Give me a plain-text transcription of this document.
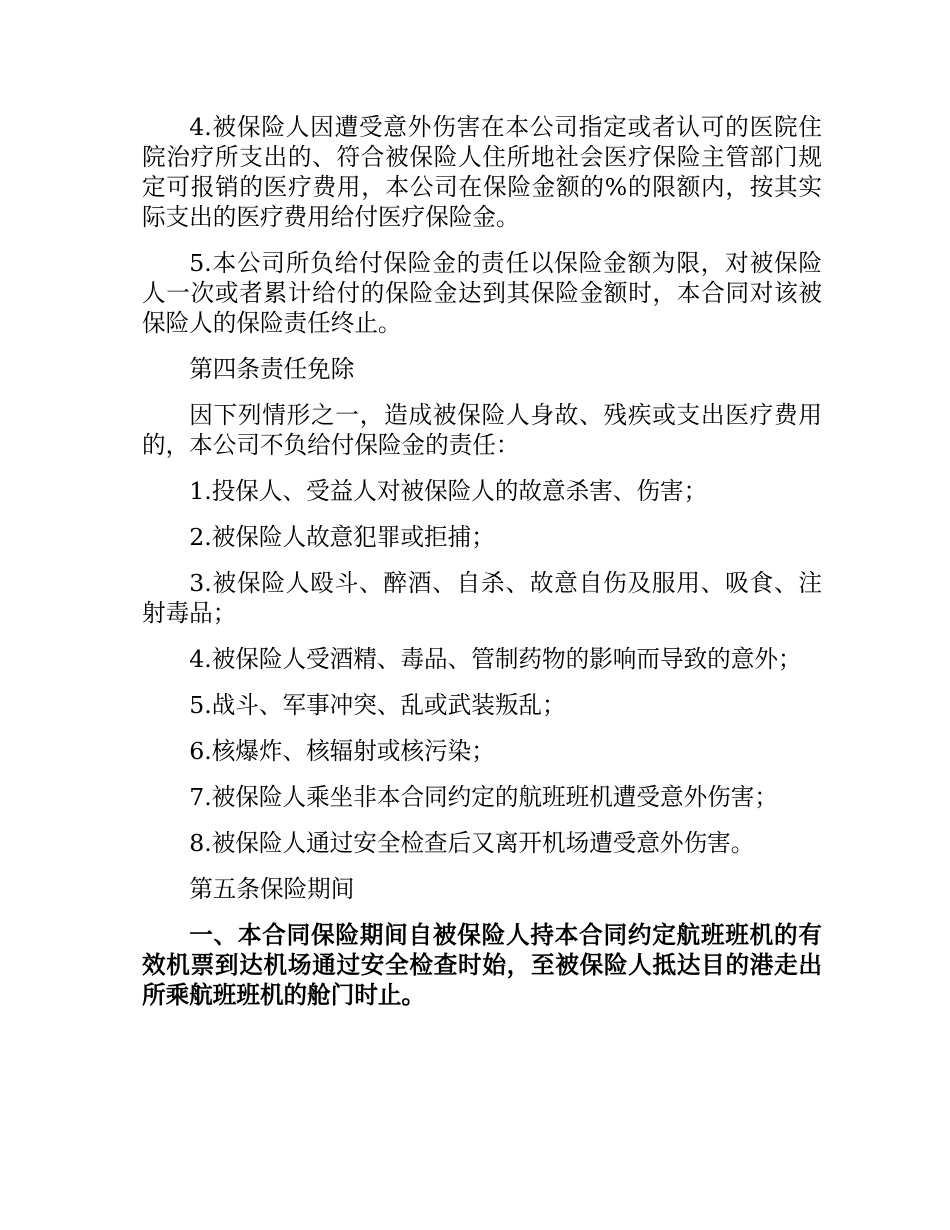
4.被保险人因遭受意外伤害在本公司指定或者认可的医院住院治疗所支出的、符合被保险人住所地社会医疗保险主管部门规定可报销的医疗费用，本公司在保险金额的%的限额内，按其实际支出的医疗费用给付医疗保险金。

5.本公司所负给付保险金的责任以保险金额为限，对被保险人一次或者累计给付的保险金达到其保险金额时，本合同对该被保险人的保险责任终止。

第四条责任免除

因下列情形之一，造成被保险人身故、残疾或支出医疗费用的，本公司不负给付保险金的责任：

1.投保人、受益人对被保险人的故意杀害、伤害；

2.被保险人故意犯罪或拒捕；

3.被保险人殴斗、醉酒、自杀、故意自伤及服用、吸食、注射毒品；

4.被保险人受酒精、毒品、管制药物的影响而导致的意外；

5.战斗、军事冲突、乱或武装叛乱；

6.核爆炸、核辐射或核污染；

7.被保险人乘坐非本合同约定的航班班机遭受意外伤害；

8.被保险人通过安全检查后又离开机场遭受意外伤害。

第五条保险期间

一、本合同保险期间自被保险人持本合同约定航班班机的有效机票到达机场通过安全检查时始，至被保险人抵达目的港走出所乘航班班机的舱门时止。
